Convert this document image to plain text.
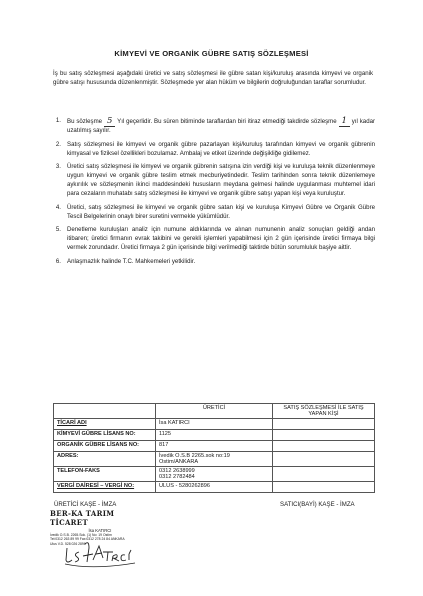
KİMYEVİ VE ORGANİK GÜBRE SATIŞ SÖZLEŞMESİ
İş bu satış sözleşmesi aşağıdaki üretici ve satış sözleşmesi ile gübre satan kişi/kuruluş arasında kimyevi ve organik gübre satışı hususunda düzenlenmiştir. Sözleşmede yer alan hüküm ve bilgilerin doğruluğundan taraflar sorumludur.
1. Bu sözleşme 5 Yıl geçerlidir. Bu süren bitiminde taraflardan biri itiraz etmediği takdirde sözleşme 1 yıl kadar uzatılmış sayılır.
2. Satış sözleşmesi ile kimyevi ve organik gübre pazarlayan kişi/kuruluş tarafından kimyevi ve organik gübrenin kimyasal ve fiziksel özellikleri bozulamaz. Ambalaj ve etiket üzerinde değişikliğe gidilemez.
3. Üretici satış sözleşmesi ile kimyevi ve organik gübrenin satışına izin verdiği kişi ve kuruluşa teknik düzenlenmeye uygun kimyevi ve organik gübre teslim etmek mecburiyetindedir. Teslim tarihinden sonra teknik düzenlemeye aykırılık ve sözleşmenin ikinci maddesindeki hususların meydana gelmesi halinde uygulanması muhtemel idari para cezaların muhatabı satış sözleşmesi ile kimyevi ve organik gübre satışı yapan kişi veya kuruluştur.
4. Üretici, satış sözleşmesi ile kimyevi ve organik gübre satan kişi ve kuruluşa Kimyevi Gübre ve Organik Gübre Tescil Belgelerinin onaylı birer suretini vermekle yükümlüdür.
5. Denetleme kuruluşları analiz için numune aldıklarında ve alınan numunenin analiz sonuçları geldiği andan itibaren; üretici firmanın evrak takibini ve gerekli işlemleri yapabilmesi için 2 gün içerisinde üretici firmaya bilgi vermek zorundadır. Üretici firmaya 2 gün içerisinde bilgi verilmediği taktirde bütün sorumluluk başiye aittir.
6. Anlaşmazlık halinde T.C. Mahkemeleri yetkilidir.
	ÜRETİCİ	SATIŞ SÖZLEŞMESİ İLE SATIŞ YAPAN KİŞİ
TİCARİ ADI	İsa KATIRCI	
KİMYEVİ GÜBRE LİSANS NO:	1125	
ORGANİK GÜBRE LİSANS NO:	817	
ADRES:	İvedik O.S.B 2265.sok no:19 Ostim/ANKARA	
TELEFON-FAKS	0312 2638999
0312 2782484	

VERGİ DAİRESİ – VERGİ NO:	ULUS - 5280262896	
ÜRETİCİ KAŞE - İMZA	SATICI(BAYİ) KAŞE - İMZA
BER-KA TARIM TİCARET
İsa KATIRCI
İvedik O.S.B. 2265.Sok. (1) No: 19 Ostim
Tel:0312 263 89 99 Fax:0312 278 24 84 ANKARA
Ulus V.D. 528 026 2896
